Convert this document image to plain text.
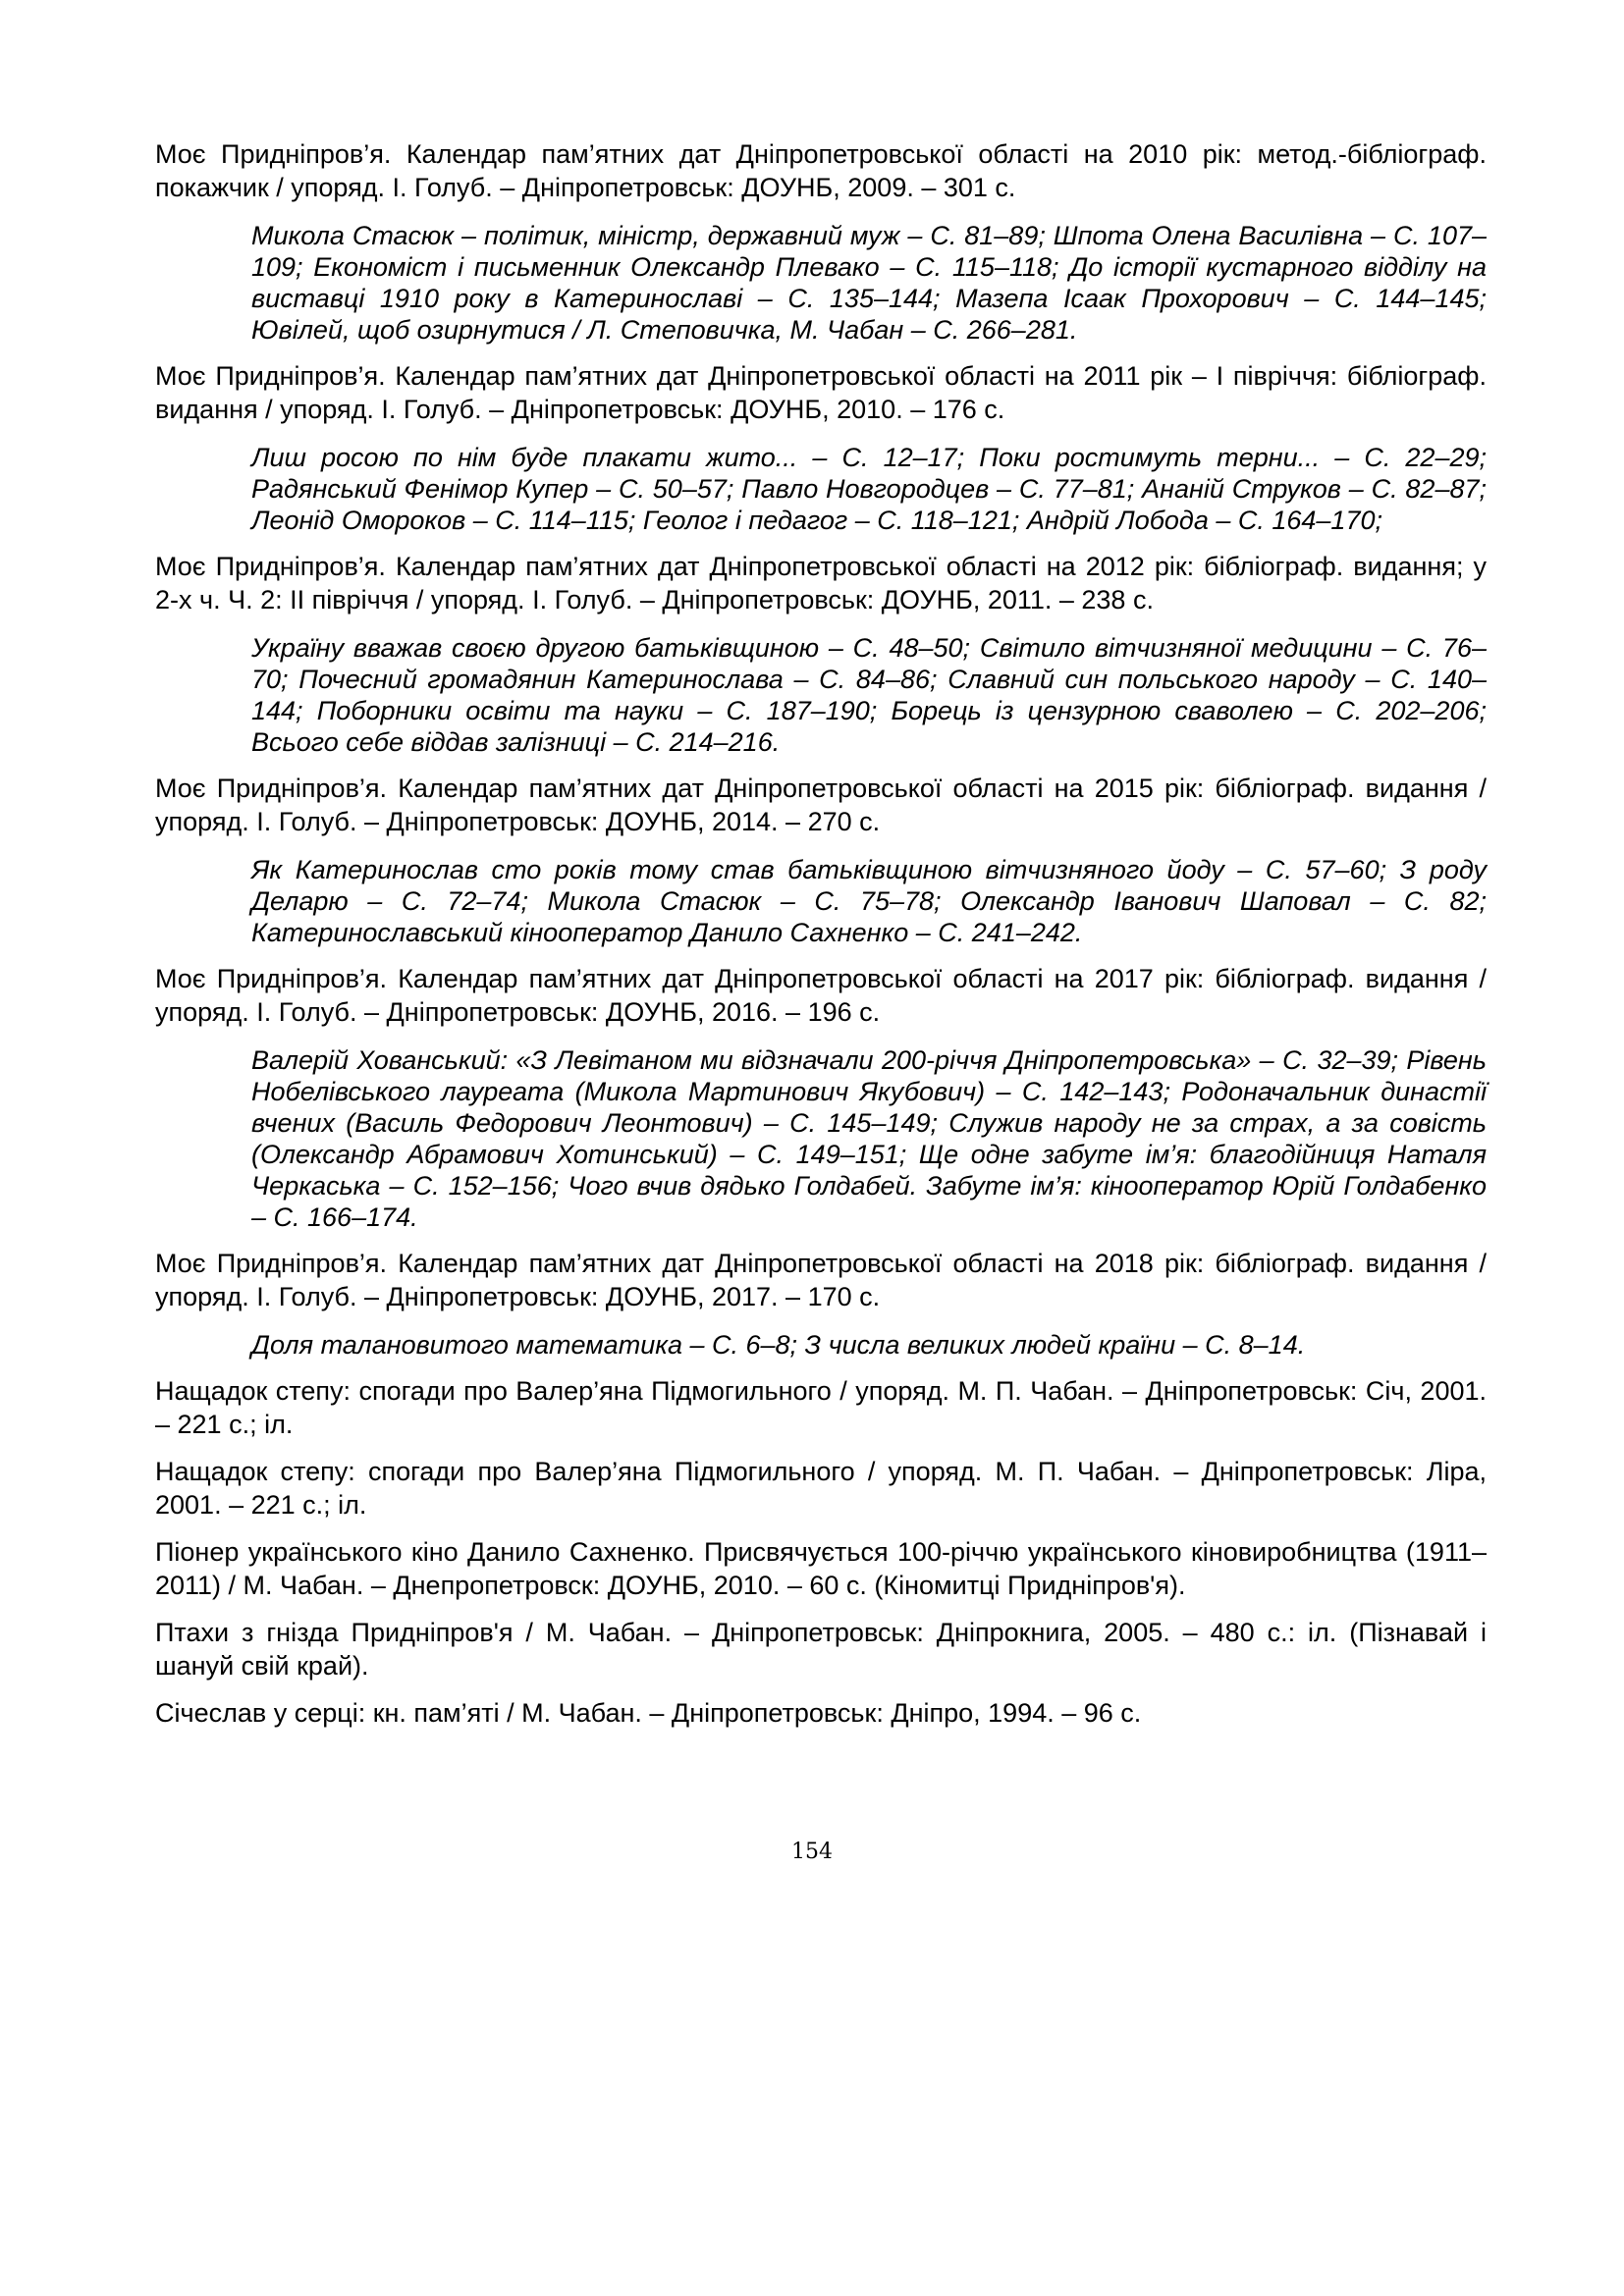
Моє Придніпров’я. Календар пам’ятних дат Дніпропетровської області на 2010 рік: метод.-бібліограф. покажчик / упоряд. І. Голуб. – Дніпропетровськ: ДОУНБ, 2009. – 301 с.

Микола Стасюк – політик, міністр, державний муж – С. 81–89; Шпота Олена Василівна – С. 107–109; Економіст і письменник Олександр Плевако – С. 115–118; До історії кустарного відділу на виставці 1910 року в Катеринославі – С. 135–144; Мазепа Ісаак Прохорович – С. 144–145; Ювілей, щоб озирнутися / Л. Степовичка, М. Чабан – С. 266–281.

Моє Придніпров’я. Календар пам’ятних дат Дніпропетровської області на 2011 рік – І півріччя: бібліограф. видання / упоряд. І. Голуб. – Дніпропетровськ: ДОУНБ, 2010. – 176 с.

Лиш росою по нім буде плакати жито... – С. 12–17; Поки ростимуть терни... – С. 22–29; Радянський Фенімор Купер – С. 50–57; Павло Новгородцев – С. 77–81; Ананій Струков – С. 82–87; Леонід Омороков – С. 114–115; Геолог і педагог – С. 118–121; Андрій Лобода – С. 164–170;

Моє Придніпров’я. Календар пам’ятних дат Дніпропетровської області на 2012 рік: бібліограф. видання; у 2-х ч. Ч. 2: ІІ півріччя / упоряд. І. Голуб. – Дніпропетровськ: ДОУНБ, 2011. – 238 с.

Україну вважав своєю другою батьківщиною – С. 48–50; Світило вітчизняної медицини – С. 76–70; Почесний громадянин Катеринослава – С. 84–86; Славний син польського народу – С. 140–144; Поборники освіти та науки – С. 187–190; Борець із цензурною сваволею – С. 202–206; Всього себе віддав залізниці – С. 214–216.

Моє Придніпров’я. Календар пам’ятних дат Дніпропетровської області на 2015 рік: бібліограф. видання / упоряд. І. Голуб. – Дніпропетровськ: ДОУНБ, 2014. – 270 с.

Як Катеринослав сто років тому став батьківщиною вітчизняного йоду – С. 57–60; З роду Деларю – С. 72–74; Микола Стасюк – С. 75–78; Олександр Іванович Шаповал – С. 82; Катеринославський кінооператор Данило Сахненко – С. 241–242.

Моє Придніпров’я. Календар пам’ятних дат Дніпропетровської області на 2017 рік: бібліограф. видання / упоряд. І. Голуб. – Дніпропетровськ: ДОУНБ, 2016. – 196 с.

Валерій Хованський: «З Левітаном ми відзначали 200-річчя Дніпропетровська» – С. 32–39; Рівень Нобелівського лауреата (Микола Мартинович Якубович) – С. 142–143; Родоначальник династії вчених (Василь Федорович Леонтович) – С. 145–149; Служив народу не за страх, а за совість (Олександр Абрамович Хотинський) – С. 149–151; Ще одне забуте ім’я: благодійниця Наталя Черкаська – С. 152–156; Чого вчив дядько Голдабей. Забуте ім’я: кінооператор Юрій Голдабенко – С. 166–174.

Моє Придніпров’я. Календар пам’ятних дат Дніпропетровської області на 2018 рік: бібліограф. видання / упоряд. І. Голуб. – Дніпропетровськ: ДОУНБ, 2017. – 170 с.

Доля талановитого математика – С. 6–8; З числа великих людей країни – С. 8–14.

Нащадок степу: спогади про Валер’яна Підмогильного / упоряд. М. П. Чабан. – Дніпропетровськ: Січ, 2001. – 221 с.; іл.

Нащадок степу: спогади про Валер’яна Підмогильного / упоряд. М. П. Чабан. – Дніпропетровськ: Ліра, 2001. – 221 с.; іл.

Піонер українського кіно Данило Сахненко. Присвячується 100-річчю українського кіновиробництва (1911–2011) / М. Чабан. – Днепропетровск: ДОУНБ, 2010. – 60 с. (Кіномитці Придніпров'я).

Птахи з гнізда Придніпров'я / М. Чабан. – Дніпропетровськ: Дніпрокнига, 2005. – 480 с.: іл. (Пізнавай і шануй свій край).

Січеслав у серці: кн. пам’яті / М. Чабан. – Дніпропетровськ: Дніпро, 1994. – 96 с.

154
